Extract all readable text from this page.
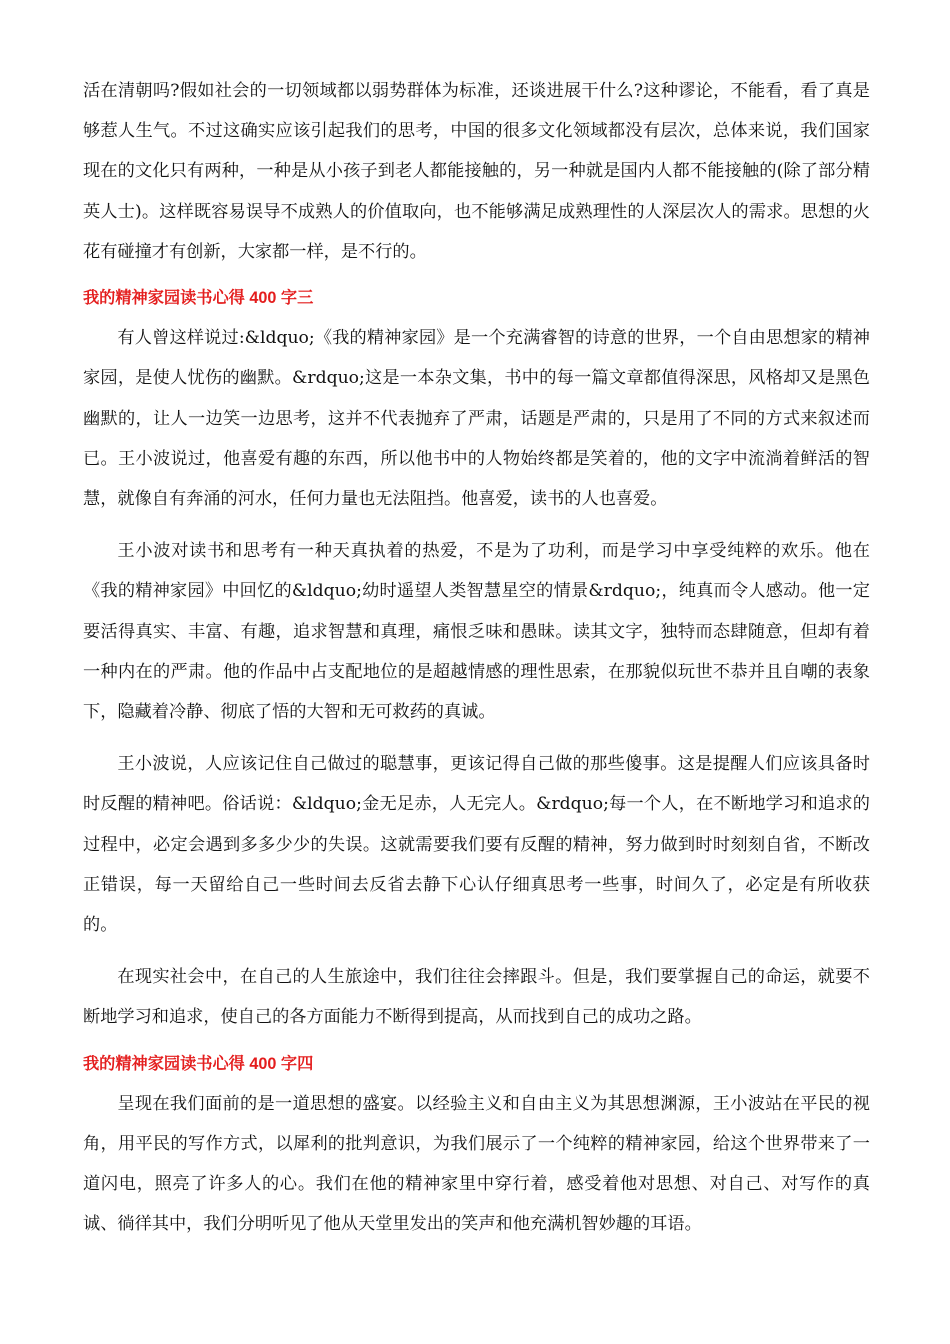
活在清朝吗?假如社会的一切领域都以弱势群体为标准，还谈进展干什么?这种谬论，不能看，看了真是够惹人生气。不过这确实应该引起我们的思考，中国的很多文化领域都没有层次，总体来说，我们国家现在的文化只有两种，一种是从小孩子到老人都能接触的，另一种就是国内人都不能接触的(除了部分精英人士)。这样既容易误导不成熟人的价值取向，也不能够满足成熟理性的人深层次人的需求。思想的火花有碰撞才有创新，大家都一样，是不行的。

我的精神家园读书心得 400 字三

有人曾这样说过:&ldquo;《我的精神家园》是一个充满睿智的诗意的世界，一个自由思想家的精神家园，是使人忧伤的幽默。&rdquo;这是一本杂文集，书中的每一篇文章都值得深思，风格却又是黑色幽默的，让人一边笑一边思考，这并不代表抛弃了严肃，话题是严肃的，只是用了不同的方式来叙述而已。王小波说过，他喜爱有趣的东西，所以他书中的人物始终都是笑着的，他的文字中流淌着鲜活的智慧，就像自有奔涌的河水，任何力量也无法阻挡。他喜爱，读书的人也喜爱。

王小波对读书和思考有一种天真执着的热爱，不是为了功利，而是学习中享受纯粹的欢乐。他在《我的精神家园》中回忆的&ldquo;幼时遥望人类智慧星空的情景&rdquo;，纯真而令人感动。他一定要活得真实、丰富、有趣，追求智慧和真理，痛恨乏味和愚昧。读其文字，独特而态肆随意，但却有着一种内在的严肃。他的作品中占支配地位的是超越情感的理性思索，在那貌似玩世不恭并且自嘲的表象下，隐藏着冷静、彻底了悟的大智和无可救药的真诚。

王小波说，人应该记住自己做过的聪慧事，更该记得自己做的那些傻事。这是提醒人们应该具备时时反醒的精神吧。俗话说：&ldquo;金无足赤，人无完人。&rdquo;每一个人，在不断地学习和追求的过程中，必定会遇到多多少少的失误。这就需要我们要有反醒的精神，努力做到时时刻刻自省，不断改正错误，每一天留给自己一些时间去反省去静下心认仔细真思考一些事，时间久了，必定是有所收获的。

在现实社会中，在自己的人生旅途中，我们往往会摔跟斗。但是，我们要掌握自己的命运，就要不断地学习和追求，使自己的各方面能力不断得到提高，从而找到自己的成功之路。

我的精神家园读书心得 400 字四

呈现在我们面前的是一道思想的盛宴。以经验主义和自由主义为其思想渊源，王小波站在平民的视角，用平民的写作方式，以犀利的批判意识，为我们展示了一个纯粹的精神家园，给这个世界带来了一道闪电，照亮了许多人的心。我们在他的精神家里中穿行着，感受着他对思想、对自己、对写作的真诚、徜徉其中，我们分明听见了他从天堂里发出的笑声和他充满机智妙趣的耳语。
